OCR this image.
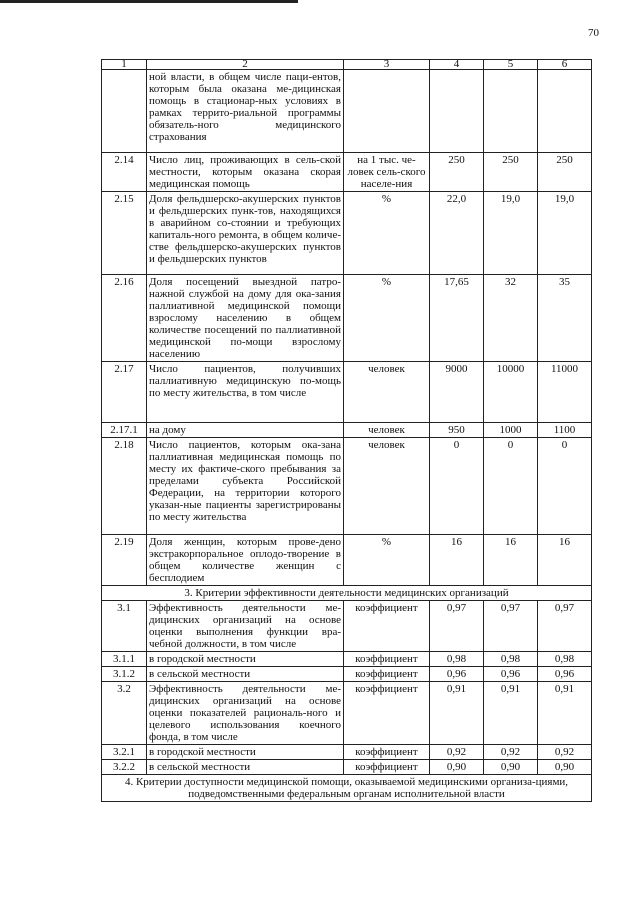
70
1	2	3	4	5	6
	ной власти, в общем числе паци-ентов, которым была оказана ме-дицинская помощь в стационар-ных условиях в рамках террито-риальной программы обязатель-ного медицинского страхования				
2.14	Число лиц, проживающих в сель-ской местности, которым оказана скорая медицинская помощь	на 1 тыс. че-ловек сель-ского населе-ния	250	250	250
2.15	Доля фельдшерско-акушерских пунктов и фельдшерских пунк-тов, находящихся в аварийном со-стоянии и требующих капиталь-ного ремонта, в общем количе-стве фельдшерско-акушерских пунктов и фельдшерских пунктов	%	22,0	19,0	19,0
2.16	Доля посещений выездной патро-нажной службой на дому для ока-зания паллиативной медицинской помощи взрослому населению в общем количестве посещений по паллиативной медицинской по-мощи взрослому населению	%	17,65	32	35
2.17	Число пациентов, получивших паллиативную медицинскую по-мощь по месту жительства, в том числе	человек	9000	10000	11000
2.17.1	на дому	человек	950	1000	1100
2.18	Число пациентов, которым ока-зана паллиативная медицинская помощь по месту их фактиче-ского пребывания за пределами субъекта Российской Федерации, на территории которого указан-ные пациенты зарегистрированы по месту жительства	человек	0	0	0
2.19	Доля женщин, которым прове-дено экстракорпоральное оплодо-творение в общем количестве женщин с бесплодием	%	16	16	16
3. Критерии эффективности деятельности медицинских организаций					
3.1	Эффективность деятельности ме-дицинских организаций на основе оценки выполнения функции вра-чебной должности, в том числе	коэффициент	0,97	0,97	0,97
3.1.1	в городской местности	коэффициент	0,98	0,98	0,98
3.1.2	в сельской местности	коэффициент	0,96	0,96	0,96
3.2	Эффективность деятельности ме-дицинских организаций на основе оценки показателей рациональ-ного и целевого использования коечного фонда, в том числе	коэффициент	0,91	0,91	0,91
3.2.1	в городской местности	коэффициент	0,92	0,92	0,92
3.2.2	в сельской местности	коэффициент	0,90	0,90	0,90
4. Критерии доступности медицинской помощи, оказываемой медицинскими организа-циями, подведомственными федеральным органам исполнительной власти					
